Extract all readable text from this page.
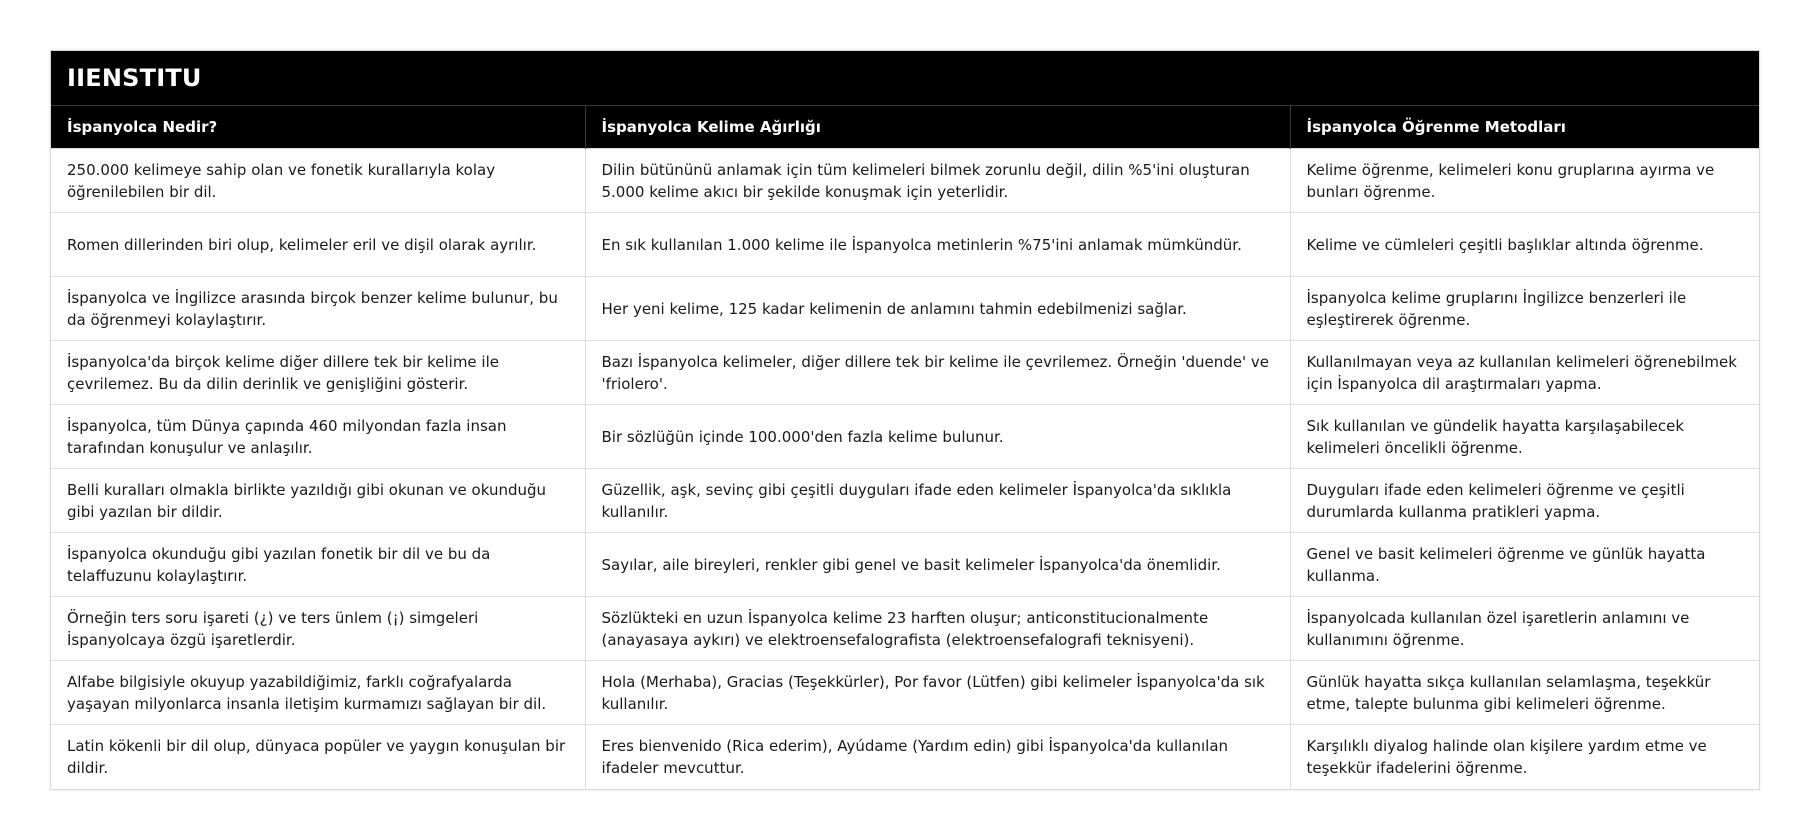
IIENSTITU
İspanyolca Nedir?	İspanyolca Kelime Ağırlığı	İspanyolca Öğrenme Metodları
250.000 kelimeye sahip olan ve fonetik kurallarıyla kolay öğrenilebilen bir dil.	Dilin bütününü anlamak için tüm kelimeleri bilmek zorunlu değil, dilin %5'ini oluşturan 5.000 kelime akıcı bir şekilde konuşmak için yeterlidir.	Kelime öğrenme, kelimeleri konu gruplarına ayırma ve bunları öğrenme.
Romen dillerinden biri olup, kelimeler eril ve dişil olarak ayrılır.	En sık kullanılan 1.000 kelime ile İspanyolca metinlerin %75'ini anlamak mümkündür.	Kelime ve cümleleri çeşitli başlıklar altında öğrenme.
İspanyolca ve İngilizce arasında birçok benzer kelime bulunur, bu da öğrenmeyi kolaylaştırır.	Her yeni kelime, 125 kadar kelimenin de anlamını tahmin edebilmenizi sağlar.	İspanyolca kelime gruplarını İngilizce benzerleri ile eşleştirerek öğrenme.
İspanyolca'da birçok kelime diğer dillere tek bir kelime ile çevrilemez. Bu da dilin derinlik ve genişliğini gösterir.	Bazı İspanyolca kelimeler, diğer dillere tek bir kelime ile çevrilemez. Örneğin 'duende' ve 'friolero'.	Kullanılmayan veya az kullanılan kelimeleri öğrenebilmek için İspanyolca dil araştırmaları yapma.
İspanyolca, tüm Dünya çapında 460 milyondan fazla insan tarafından konuşulur ve anlaşılır.	Bir sözlüğün içinde 100.000'den fazla kelime bulunur.	Sık kullanılan ve gündelik hayatta karşılaşabilecek kelimeleri öncelikli öğrenme.
Belli kuralları olmakla birlikte yazıldığı gibi okunan ve okunduğu gibi yazılan bir dildir.	Güzellik, aşk, sevinç gibi çeşitli duyguları ifade eden kelimeler İspanyolca'da sıklıkla kullanılır.	Duyguları ifade eden kelimeleri öğrenme ve çeşitli durumlarda kullanma pratikleri yapma.
İspanyolca okunduğu gibi yazılan fonetik bir dil ve bu da telaffuzunu kolaylaştırır.	Sayılar, aile bireyleri, renkler gibi genel ve basit kelimeler İspanyolca'da önemlidir.	Genel ve basit kelimeleri öğrenme ve günlük hayatta kullanma.
Örneğin ters soru işareti (¿) ve ters ünlem (¡) simgeleri İspanyolcaya özgü işaretlerdir.	Sözlükteki en uzun İspanyolca kelime 23 harften oluşur; anticonstitucionalmente (anayasaya aykırı) ve elektroensefalografista (elektroensefalografi teknisyeni).	İspanyolcada kullanılan özel işaretlerin anlamını ve kullanımını öğrenme.
Alfabe bilgisiyle okuyup yazabildiğimiz, farklı coğrafyalarda yaşayan milyonlarca insanla iletişim kurmamızı sağlayan bir dil.	Hola (Merhaba), Gracias (Teşekkürler), Por favor (Lütfen) gibi kelimeler İspanyolca'da sık kullanılır.	Günlük hayatta sıkça kullanılan selamlaşma, teşekkür etme, talepte bulunma gibi kelimeleri öğrenme.
Latin kökenli bir dil olup, dünyaca popüler ve yaygın konuşulan bir dildir.	Eres bienvenido (Rica ederim), Ayúdame (Yardım edin) gibi İspanyolca'da kullanılan ifadeler mevcuttur.	Karşılıklı diyalog halinde olan kişilere yardım etme ve teşekkür ifadelerini öğrenme.
